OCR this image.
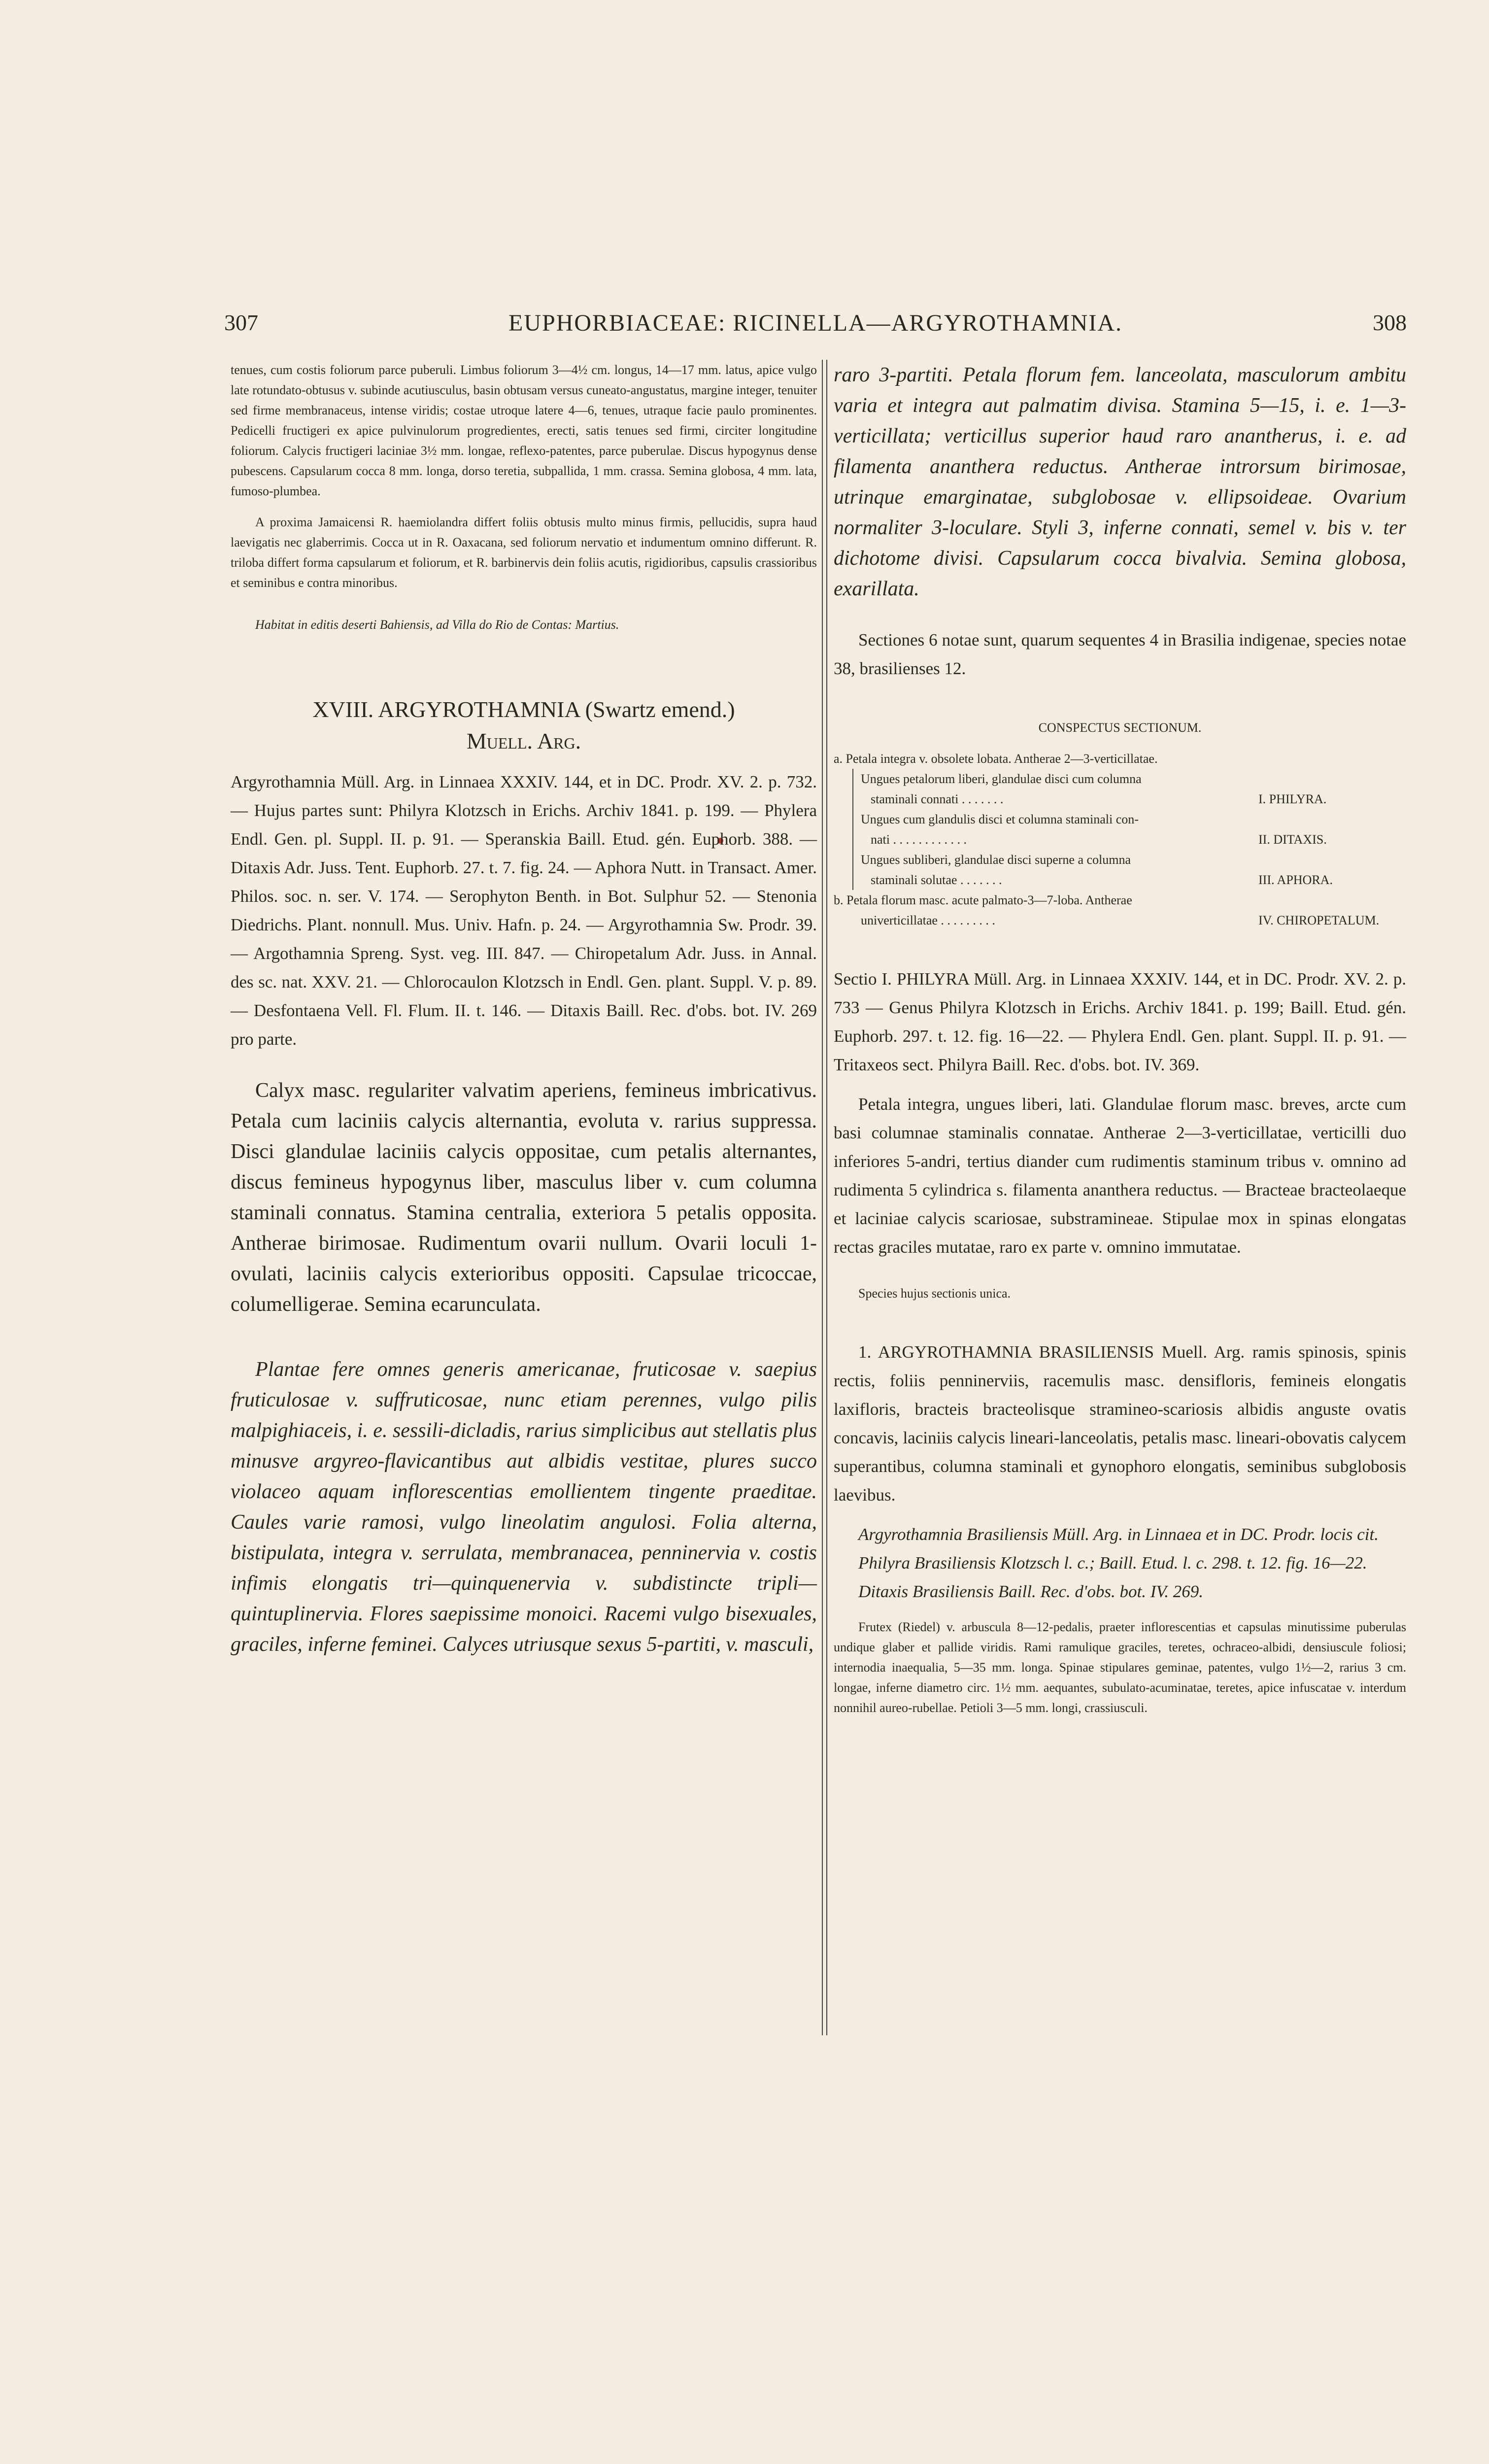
307	EUPHORBIACEAE: RICINELLA—ARGYROTHAMNIA.	308

tenues, cum costis foliorum parce puberuli. Limbus foliorum 3—4½ cm. longus, 14—17 mm. latus, apice vulgo late rotundato-obtusus v. subinde acutiusculus, basin obtusam versus cuneato-angustatus, margine integer, tenuiter sed firme membranaceus, intense viridis; costae utroque latere 4—6, tenues, utraque facie paulo prominentes. Pedicelli fructigeri ex apice pulvinulorum progredientes, erecti, satis tenues sed firmi, circiter longitudine foliorum. Calycis fructigeri laciniae 3½ mm. longae, reflexo-patentes, parce puberulae. Discus hypogynus dense pubescens. Capsularum cocca 8 mm. longa, dorso teretia, subpallida, 1 mm. crassa. Semina globosa, 4 mm. lata, fumoso-plumbea.

A proxima Jamaicensi R. haemiolandra differt foliis obtusis multo minus firmis, pellucidis, supra haud laevigatis nec glaberrimis. Cocca ut in R. Oaxacana, sed foliorum nervatio et indumentum omnino differunt. R. triloba differt forma capsularum et foliorum, et R. barbinervis dein foliis acutis, rigidioribus, capsulis crassioribus et seminibus e contra minoribus.

Habitat in editis deserti Bahiensis, ad Villa do Rio de Contas: Martius.

XVIII. ARGYROTHAMNIA (Swartz emend.)
Muell. Arg.

Argyrothamnia Müll. Arg. in Linnaea XXXIV. 144, et in DC. Prodr. XV. 2. p. 732. — Hujus partes sunt: Philyra Klotzsch in Erichs. Archiv 1841. p. 199. — Phylera Endl. Gen. pl. Suppl. II. p. 91. — Speranskia Baill. Etud. gén. Euphorb. 388. — Ditaxis Adr. Juss. Tent. Euphorb. 27. t. 7. fig. 24. — Aphora Nutt. in Transact. Amer. Philos. soc. n. ser. V. 174. — Serophyton Benth. in Bot. Sulphur 52. — Stenonia Diedrichs. Plant. nonnull. Mus. Univ. Hafn. p. 24. — Argyrothamnia Sw. Prodr. 39. — Argothamnia Spreng. Syst. veg. III. 847. — Chiropetalum Adr. Juss. in Annal. des sc. nat. XXV. 21. — Chlorocaulon Klotzsch in Endl. Gen. plant. Suppl. V. p. 89. — Desfontaena Vell. Fl. Flum. II. t. 146. — Ditaxis Baill. Rec. d'obs. bot. IV. 269 pro parte.

Calyx masc. regulariter valvatim aperiens, femineus imbricativus. Petala cum laciniis calycis alternantia, evoluta v. rarius suppressa. Disci glandulae laciniis calycis oppositae, cum petalis alternantes, discus femineus hypogynus liber, masculus liber v. cum columna staminali connatus. Stamina centralia, exteriora 5 petalis opposita. Antherae birimosae. Rudimentum ovarii nullum. Ovarii loculi 1-ovulati, laciniis calycis exterioribus oppositi. Capsulae tricoccae, columelligerae. Semina ecarunculata.

Plantae fere omnes generis americanae, fruticosae v. saepius fruticulosae v. suffruticosae, nunc etiam perennes, vulgo pilis malpighiaceis, i. e. sessili-dicladis, rarius simplicibus aut stellatis plus minusve argyreo-flavicantibus aut albidis vestitae, plures succo violaceo aquam inflorescentias emollientem tingente praeditae. Caules varie ramosi, vulgo lineolatim angulosi. Folia alterna, bistipulata, integra v. serrulata, membranacea, penninervia v. costis infimis elongatis tri—quinquenervia v. subdistincte tripli—quintuplinervia. Flores saepissime monoici. Racemi vulgo bisexuales, graciles, inferne feminei. Calyces utriusque sexus 5-partiti, v. masculi,

raro 3-partiti. Petala florum fem. lanceolata, masculorum ambitu varia et integra aut palmatim divisa. Stamina 5—15, i. e. 1—3-verticillata; verticillus superior haud raro anantherus, i. e. ad filamenta ananthera reductus. Antherae introrsum birimosae, utrinque emarginatae, subglobosae v. ellipsoideae. Ovarium normaliter 3-loculare. Styli 3, inferne connati, semel v. bis v. ter dichotome divisi. Capsularum cocca bivalvia. Semina globosa, exarillata.

Sectiones 6 notae sunt, quarum sequentes 4 in Brasilia indigenae, species notae 38, brasilienses 12.

CONSPECTUS SECTIONUM.
a. Petala integra v. obsolete lobata. Antherae 2—3-verticillatae.
Ungues petalorum liberi, glandulae disci cum columna
staminali connati . . . . . . .	I. PHILYRA.
Ungues cum glandulis disci et columna staminali con-
nati . . . . . . . . . . . .	II. DITAXIS.
Ungues subliberi, glandulae disci superne a columna
staminali solutae . . . . . . .	III. APHORA.
b. Petala florum masc. acute palmato-3—7-loba. Antherae
univerticillatae . . . . . . . . .	IV. CHIROPETALUM.

Sectio I. PHILYRA Müll. Arg. in Linnaea XXXIV. 144, et in DC. Prodr. XV. 2. p. 733 — Genus Philyra Klotzsch in Erichs. Archiv 1841. p. 199; Baill. Etud. gén. Euphorb. 297. t. 12. fig. 16—22. — Phylera Endl. Gen. plant. Suppl. II. p. 91. — Tritaxeos sect. Philyra Baill. Rec. d'obs. bot. IV. 369.

Petala integra, ungues liberi, lati. Glandulae florum masc. breves, arcte cum basi columnae staminalis connatae. Antherae 2—3-verticillatae, verticilli duo inferiores 5-andri, tertius diander cum rudimentis staminum tribus v. omnino ad rudimenta 5 cylindrica s. filamenta ananthera reductus. — Bracteae bracteolaeque et laciniae calycis scariosae, substramineae. Stipulae mox in spinas elongatas rectas graciles mutatae, raro ex parte v. omnino immutatae.

Species hujus sectionis unica.

1. ARGYROTHAMNIA BRASILIENSIS Muell. Arg. ramis spinosis, spinis rectis, foliis penninerviis, racemulis masc. densifloris, femineis elongatis laxifloris, bracteis bracteolisque stramineo-scariosis albidis anguste ovatis concavis, laciniis calycis lineari-lanceolatis, petalis masc. lineari-obovatis calycem superantibus, columna staminali et gynophoro elongatis, seminibus subglobosis laevibus.

Argyrothamnia Brasiliensis Müll. Arg. in Linnaea et in DC. Prodr. locis cit.

Philyra Brasiliensis Klotzsch l. c.; Baill. Etud. l. c. 298. t. 12. fig. 16—22.

Ditaxis Brasiliensis Baill. Rec. d'obs. bot. IV. 269.

Frutex (Riedel) v. arbuscula 8—12-pedalis, praeter inflorescentias et capsulas minutissime puberulas undique glaber et pallide viridis. Rami ramulique graciles, teretes, ochraceo-albidi, densiuscule foliosi; internodia inaequalia, 5—35 mm. longa. Spinae stipulares geminae, patentes, vulgo 1½—2, rarius 3 cm. longae, inferne diametro circ. 1½ mm. aequantes, subulato-acuminatae, teretes, apice infuscatae v. interdum nonnihil aureo-rubellae. Petioli 3—5 mm. longi, crassiusculi.
